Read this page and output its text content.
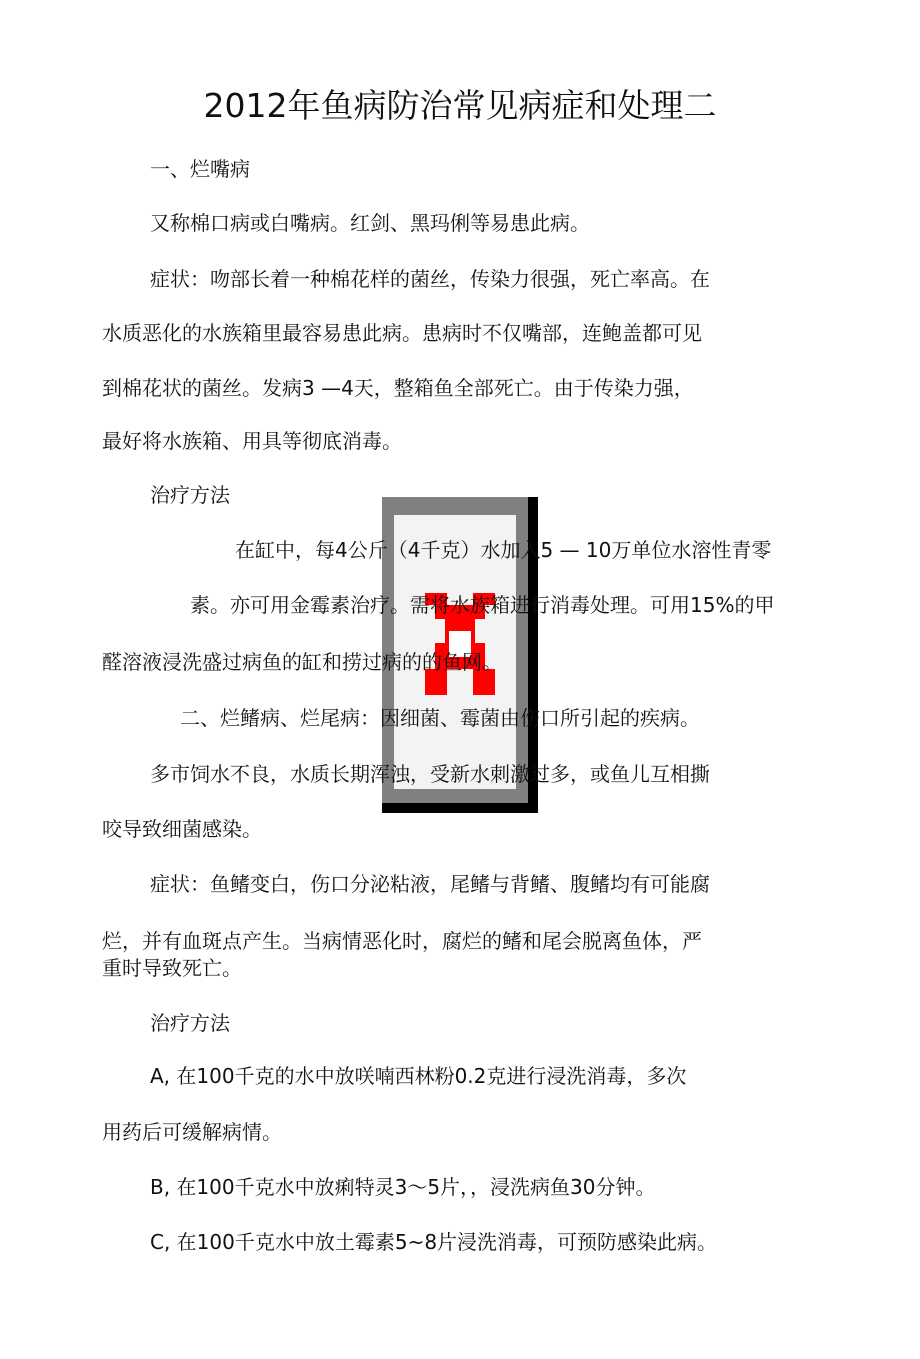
2012年鱼病防治常见病症和处理二
一、烂嘴病
又称棉口病或白嘴病。红剑、黑玛俐等易患此病。
症状：吻部长着一种棉花样的菌丝，传染力很强，死亡率高。在
水质恶化的水族箱里最容易患此病。患病时不仅嘴部，连鲍盖都可见
到棉花状的菌丝。发病3 —4天，整箱鱼全部死亡。由于传染力强，
最好将水族箱、用具等彻底消毒。
治疗方法
在缸中，每4公斤（4千克）水加入5 — 10万单位水溶性青零
素。亦可用金霉素治疗。需将水族箱进行消毒处理。可用15%的甲
醛溶液浸洗盛过病鱼的缸和捞过病的的鱼网。
二、烂鳍病、烂尾病：因细菌、霉菌由伤口所引起的疾病。
多市饲水不良，水质长期浑浊，受新水刺激过多，或鱼儿互相撕
咬导致细菌感染。
症状：鱼鳍变白，伤口分泌粘液，尾鳍与背鳍、腹鳍均有可能腐
烂，并有血斑点产生。当病情恶化时，腐烂的鳍和尾会脱离鱼体，严
重时导致死亡。
治疗方法
A, 在100千克的水中放咲喃西林粉0.2克进行浸洗消毒，多次
用药后可缓解病情。
B, 在100千克水中放痢特灵3～5片，，浸洗病鱼30分钟。
C, 在100千克水中放土霉素5~8片浸洗消毒，可预防感染此病。
